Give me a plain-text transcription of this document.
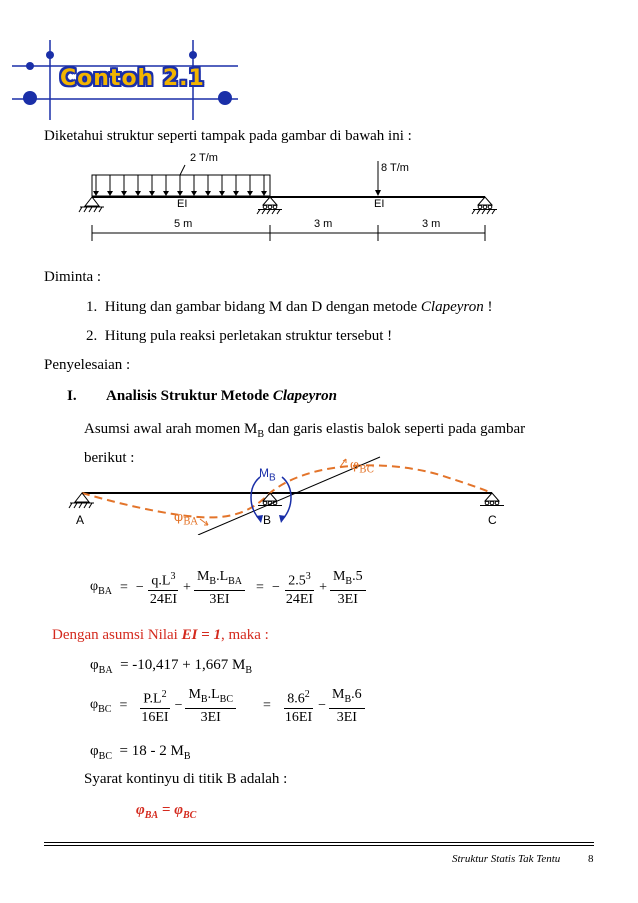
Contoh 2.1
Diketahui struktur seperti tampak pada gambar di bawah ini :
2 T/m
8 T/m
EI	EI
5 m	3 m	3 m
Diminta :
1. Hitung dan gambar bidang M dan D dengan metode Clapeyron !
2. Hitung pula reaksi perletakan struktur tersebut !
Penyelesaian :
I. Analisis Struktur Metode Clapeyron
Asumsi awal arah momen $M_B$ dan garis elastis balok seperti pada gambar
berikut :
$M_B$
$\varphi_{BC}$
$\varphi_{BA}$
A	B	C
$\varphi_{BA}$ = − $\frac{q.L^3}{24EI} + \frac{M_B.L_{BA}}{3EI}$ = − $\frac{2.5^3}{24EI} + \frac{M_B.5}{3EI}$
Dengan asumsi Nilai EI = 1, maka :
$\varphi_{BA} = -10,417 + 1,667$ $M_B$
$\varphi_{BC} = \frac{P.L^2}{16EI} - \frac{M_B.L_{BC}}{3EI} = \frac{8.6^2}{16EI} - \frac{M_B.6}{3EI}$
$\varphi_{BC} = 18 - 2$ $M_B$
Syarat kontinyu di titik B adalah :
$\varphi_{BA} = \varphi_{BC}$
Struktur Statis Tak Tentu	8
